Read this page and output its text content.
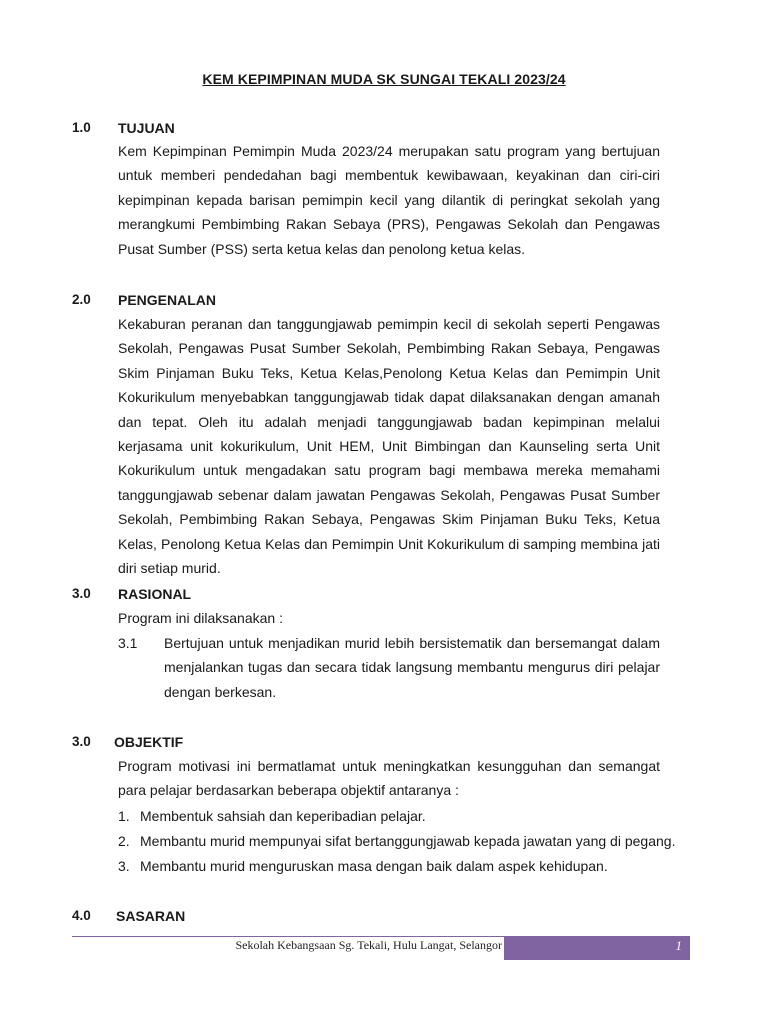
KEM KEPIMPINAN MUDA SK SUNGAI TEKALI 2023/24
1.0 TUJUAN

Kem Kepimpinan Pemimpin Muda 2023/24 merupakan satu program yang bertujuan untuk memberi pendedahan bagi membentuk kewibawaan, keyakinan dan ciri-ciri kepimpinan kepada barisan pemimpin kecil yang dilantik di peringkat sekolah yang merangkumi Pembimbing Rakan Sebaya (PRS), Pengawas Sekolah dan Pengawas Pusat Sumber (PSS) serta ketua kelas dan penolong ketua kelas.

2.0 PENGENALAN

Kekaburan peranan dan tanggungjawab pemimpin kecil di sekolah seperti Pengawas Sekolah, Pengawas Pusat Sumber Sekolah, Pembimbing Rakan Sebaya, Pengawas Skim Pinjaman Buku Teks, Ketua Kelas,Penolong Ketua Kelas dan Pemimpin Unit Kokurikulum menyebabkan tanggungjawab tidak dapat dilaksanakan dengan amanah dan tepat. Oleh itu adalah menjadi tanggungjawab badan kepimpinan melalui kerjasama unit kokurikulum, Unit HEM, Unit Bimbingan dan Kaunseling serta Unit Kokurikulum untuk mengadakan satu program bagi membawa mereka memahami tanggungjawab sebenar dalam jawatan Pengawas Sekolah, Pengawas Pusat Sumber Sekolah, Pembimbing Rakan Sebaya, Pengawas Skim Pinjaman Buku Teks, Ketua Kelas, Penolong Ketua Kelas dan Pemimpin Unit Kokurikulum di samping membina jati diri setiap murid.

3.0 RASIONAL

Program ini dilaksanakan :

3.1 Bertujuan untuk menjadikan murid lebih bersistematik dan bersemangat dalam menjalankan tugas dan secara tidak langsung membantu mengurus diri pelajar dengan berkesan.

3.0 OBJEKTIF

Program motivasi ini bermatlamat untuk meningkatkan kesungguhan dan semangat para pelajar berdasarkan beberapa objektif antaranya :

1. Membentuk sahsiah dan keperibadian pelajar.
2. Membantu murid mempunyai sifat bertanggungjawab kepada jawatan yang di pegang.
3. Membantu murid menguruskan masa dengan baik dalam aspek kehidupan.
4.0 SASARAN
Sekolah Kebangsaan Sg. Tekali, Hulu Langat, Selangor	1
